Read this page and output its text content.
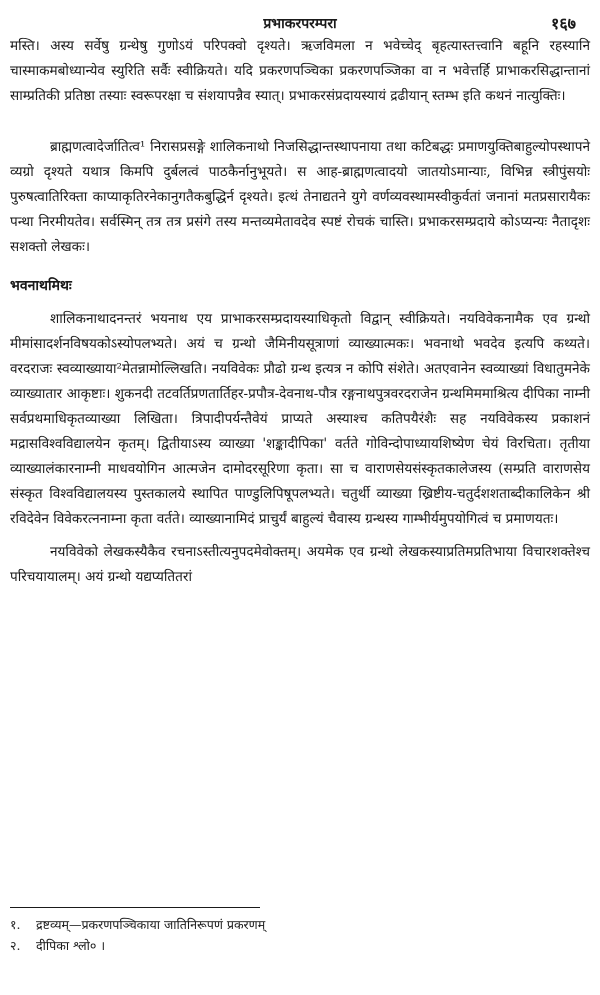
प्रभाकरपरम्परा	१६७

मस्ति। अस्य सर्वेषु ग्रन्थेषु गुणोऽयं परिपक्वो दृश्यते। ऋजविमला न भवेच्चेद् बृहत्यास्तत्त्वानि बहूनि रहस्यानि चास्माकमबोध्यान्येव स्युरिति सर्वैः स्वीक्रियते। यदि प्रकरणपञ्चिका प्रकरणपञ्जिका वा न भवेत्तर्हि प्राभाकरसिद्धान्तानां साम्प्रतिकी प्रतिष्ठा तस्याः स्वरूपरक्षा च संशयापन्नैव स्यात्। प्रभाकरसंप्रदायस्यायं द्रढीयान् स्तम्भ इति कथनं नात्युक्तिः।

ब्राह्मणत्वादेर्जातित्व¹ निरासप्रसङ्गे शालिकनाथो निजसिद्धान्तस्थापनाया तथा कटिबद्धः प्रमाणयुक्तिबाहुल्योपस्थापने व्यग्रो दृश्यते यथात्र किमपि दुर्बलत्वं पाठकैर्नानुभूयते। स आह-ब्राह्मणत्वादयो जातयोऽमान्याः, विभिन्न स्त्रीपुंसयोः पुरुषत्वातिरिक्ता काप्याकृतिरनेकानुगतैकबुद्धिर्न दृश्यते। इत्थं तेनाद्यतने युगे वर्णव्यवस्थामस्वीकुर्वतां जनानां मतप्रसारायैकः पन्था निरमीयतेव। सर्वस्मिन् तत्र तत्र प्रसंगे तस्य मन्तव्यमेतावदेव स्पष्टं रोचकं चास्ति। प्रभाकरसम्प्रदाये कोऽप्यन्यः नैतादृशः सशक्तो लेखकः।

भवनाथमिथः

शालिकनाथादनन्तरं भयनाथ एय प्राभाकरसम्प्रदायस्याधिकृतो विद्वान् स्वीक्रियते। नयविवेकनामैक एव ग्रन्थो मीमांसादर्शनविषयकोऽस्योपलभ्यते। अयं च ग्रन्थो जैमिनीयसूत्राणां व्याख्यात्मकः। भवनाथो भवदेव इत्यपि कथ्यते। वरदराजः स्वव्याख्याया²मेतन्नामोल्लिखति। नयविवेकः प्रौढो ग्रन्थ इत्यत्र न कोपि संशेते। अतएवानेन स्वव्याख्यां विधातुमनेके व्याख्यातार आकृष्टाः। शुकनदी तटवर्तिप्रणतार्तिहर-प्रपौत्र-देवनाथ-पौत्र रङ्गनाथपुत्रवरदराजेन ग्रन्थमिममाश्रित्य दीपिका नाम्नी सर्वप्रथमाधिकृतव्याख्या लिखिता। त्रिपादीपर्यन्तैवेयं प्राप्यते अस्याश्च कतिपयैरंशैः सह नयविवेकस्य प्रकाशनं मद्रासविश्वविद्यालयेन कृतम्। द्वितीयाऽस्य व्याख्या 'शङ्कादीपिका' वर्तते गोविन्दोपाध्यायशिष्येण चेयं विरचिता। तृतीया व्याख्यालंकारनाम्नी माधवयोगिन आत्मजेन दामोदरसूरिणा कृता। सा च वाराणसेयसंस्कृतकालेजस्य (सम्प्रति वाराणसेय संस्कृत विश्वविद्यालयस्य पुस्तकालये स्थापित पाण्डुलिपिषूपलभ्यते। चतुर्थी व्याख्या ख्रिष्टीय-चतुर्दशशताब्दीकालिकेन श्री रविदेवेन विवेकरत्ननाम्ना कृता वर्तते। व्याख्यानामिदं प्राचुर्यं बाहुल्यं चैवास्य ग्रन्थस्य गाम्भीर्यमुपयोगित्वं च प्रमाणयतः।

नयविवेको लेखकस्यैकैव रचनाऽस्तीत्यनुपदमेवोक्तम्। अयमेक एव ग्रन्थो लेखकस्याप्रतिमप्रतिभाया विचारशक्तेश्च परिचयायालम्। अयं ग्रन्थो यद्यप्यतितरां

१. द्रष्टव्यम्—प्रकरणपञ्चिकाया जातिनिरूपणं प्रकरणम्

२. दीपिका श्लो० ।
